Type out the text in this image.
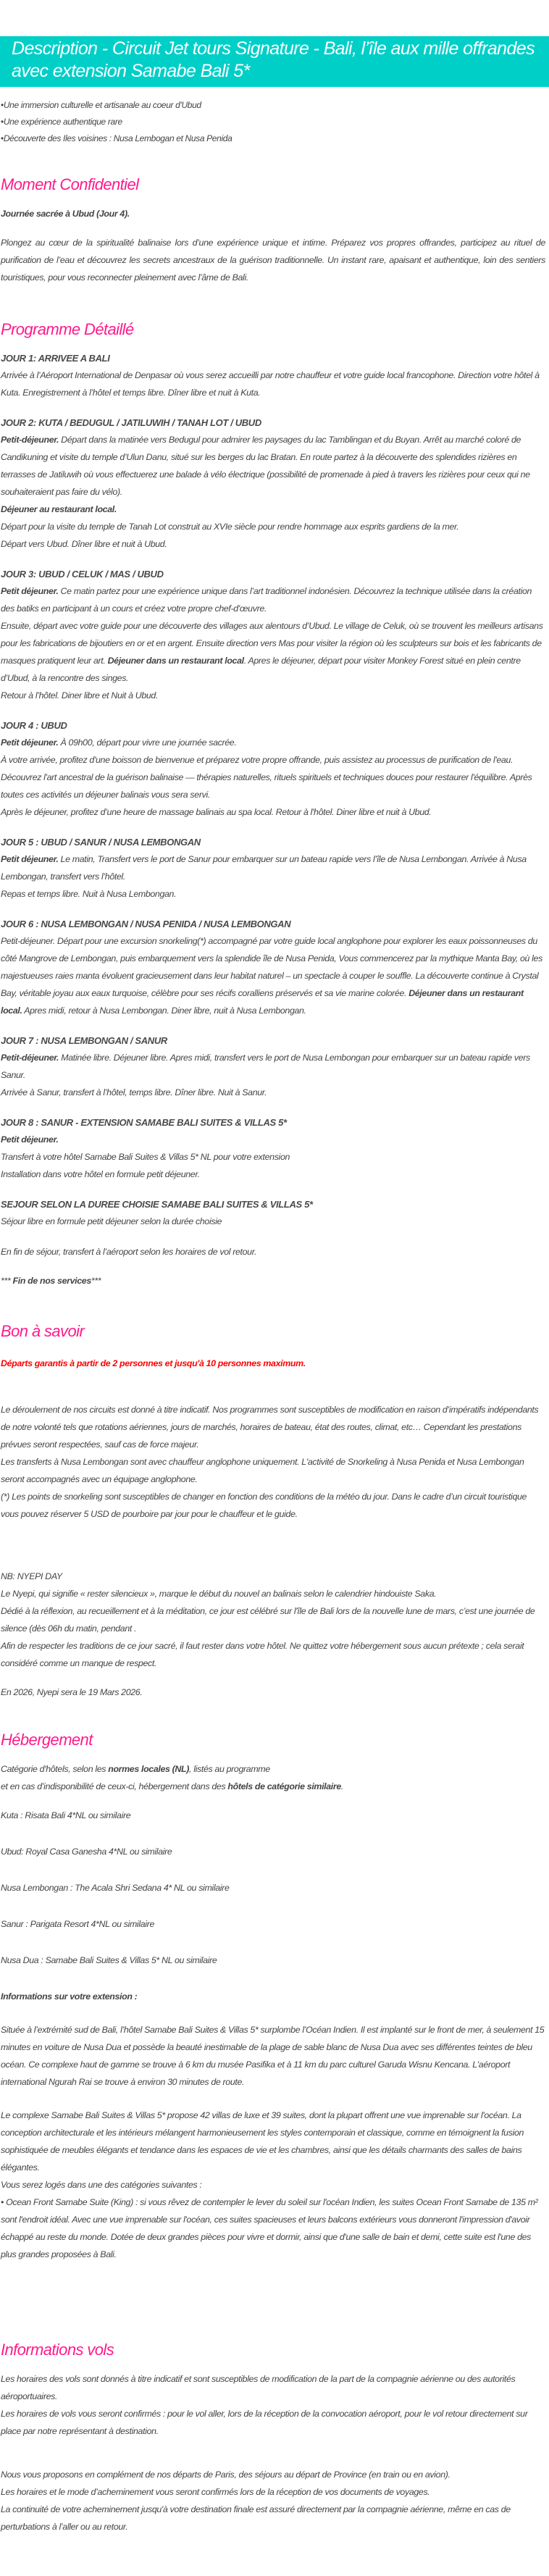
Description - Circuit Jet tours Signature - Bali, l’île aux mille offrandes avec extension Samabe Bali 5*
• Une immersion culturelle et artisanale au coeur d'Ubud
• Une expérience authentique rare
• Découverte des Iles voisines : Nusa Lembogan et Nusa Penida
Moment Confidentiel

Journée sacrée à Ubud (Jour 4).

Plongez au cœur de la spiritualité balinaise lors d’une expérience unique et intime. Préparez vos propres offrandes, participez au rituel de purification de l’eau et découvrez les secrets ancestraux de la guérison traditionnelle. Un instant rare, apaisant et authentique, loin des sentiers touristiques, pour vous reconnecter pleinement avec l’âme de Bali.

Programme Détaillé
JOUR 1: ARRIVEE A BALI
Arrivée à l’Aéroport International de Denpasar où vous serez accueilli par notre chauffeur et votre guide local francophone. Direction votre hôtel à Kuta. Enregistrement à l’hôtel et temps libre. Dîner libre et nuit à Kuta.
JOUR 2: KUTA / BEDUGUL / JATILUWIH / TANAH LOT / UBUD
Petit-déjeuner. Départ dans la matinée vers Bedugul pour admirer les paysages du lac Tamblingan et du Buyan. Arrêt au marché coloré de Candikuning et visite du temple d’Ulun Danu, situé sur les berges du lac Bratan. En route partez à la découverte des splendides rizières en terrasses de Jatiluwih où vous effectuerez une balade à vélo électrique (possibilité de promenade à pied à travers les rizières pour ceux qui ne souhaiteraient pas faire du vélo).
Déjeuner au restaurant local.
Départ pour la visite du temple de Tanah Lot construit au XVIe siècle pour rendre hommage aux esprits gardiens de la mer.
Départ vers Ubud. Dîner libre et nuit à Ubud.
JOUR 3: UBUD / CELUK / MAS / UBUD
Petit déjeuner. Ce matin partez pour une expérience unique dans l’art traditionnel indonésien. Découvrez la technique utilisée dans la création des batiks en participant à un cours et créez votre propre chef-d'œuvre.
Ensuite, départ avec votre guide pour une découverte des villages aux alentours d’Ubud. Le village de Celuk, où se trouvent les meilleurs artisans pour les fabrications de bijoutiers en or et en argent. Ensuite direction vers Mas pour visiter la région où les sculpteurs sur bois et les fabricants de masques pratiquent leur art. Déjeuner dans un restaurant local. Apres le déjeuner, départ pour visiter Monkey Forest situé en plein centre d’Ubud, à la rencontre des singes.
Retour à l’hôtel. Diner libre et Nuit à Ubud.
JOUR 4 : UBUD
Petit déjeuner. À 09h00, départ pour vivre une journée sacrée.
À votre arrivée, profitez d'une boisson de bienvenue et préparez votre propre offrande, puis assistez au processus de purification de l'eau. Découvrez l'art ancestral de la guérison balinaise — thérapies naturelles, rituels spirituels et techniques douces pour restaurer l'équilibre. Après toutes ces activités un déjeuner balinais vous sera servi.
Après le déjeuner, profitez d’une heure de massage balinais au spa local. Retour à l'hôtel. Diner libre et nuit à Ubud.
JOUR 5 : UBUD / SANUR / NUSA LEMBONGAN
Petit déjeuner. Le matin, Transfert vers le port de Sanur pour embarquer sur un bateau rapide vers l’île de Nusa Lembongan. Arrivée à Nusa Lembongan, transfert vers l’hôtel.
Repas et temps libre. Nuit à Nusa Lembongan.
JOUR 6 : NUSA LEMBONGAN / NUSA PENIDA / NUSA LEMBONGAN
Petit-déjeuner. Départ pour une excursion snorkeling(*) accompagné par votre guide local anglophone pour explorer les eaux poissonneuses du côté Mangrove de Lembongan, puis embarquement vers la splendide île de Nusa Penida, Vous commencerez par la mythique Manta Bay, où les majestueuses raies manta évoluent gracieusement dans leur habitat naturel – un spectacle à couper le souffle. La découverte continue à Crystal Bay, véritable joyau aux eaux turquoise, célèbre pour ses récifs coralliens préservés et sa vie marine colorée. Déjeuner dans un restaurant local. Apres midi, retour à Nusa Lembongan. Diner libre, nuit à Nusa Lembongan.
JOUR 7 : NUSA LEMBONGAN / SANUR
Petit-déjeuner. Matinée libre. Déjeuner libre. Apres midi, transfert vers le port de Nusa Lembongan pour embarquer sur un bateau rapide vers Sanur.
Arrivée à Sanur, transfert à l’hôtel, temps libre. Dîner libre. Nuit à Sanur.
JOUR 8 : SANUR - EXTENSION SAMABE BALI SUITES & VILLAS 5*
Petit déjeuner.
Transfert à votre hôtel Samabe Bali Suites & Villas 5* NL pour votre extension
Installation dans votre hôtel en formule petit déjeuner.
SEJOUR SELON LA DUREE CHOISIE SAMABE BALI SUITES & VILLAS 5*
Séjour libre en formule petit déjeuner selon la durée choisie

En fin de séjour, transfert à l’aéroport selon les horaires de vol retour.

*** Fin de nos services***

Bon à savoir

Départs garantis à partir de 2 personnes et jusqu'à 10 personnes maximum.

Le déroulement de nos circuits est donné à titre indicatif. Nos programmes sont susceptibles de modification en raison d’impératifs indépendants de notre volonté tels que rotations aériennes, jours de marchés, horaires de bateau, état des routes, climat, etc… Cependant les prestations prévues seront respectées, sauf cas de force majeur.
Les transferts à Nusa Lembongan sont avec chauffeur anglophone uniquement. L'activité de Snorkeling à Nusa Penida et Nusa Lembongan seront accompagnés avec un équipage anglophone.
(*) Les points de snorkeling sont susceptibles de changer en fonction des conditions de la météo du jour. Dans le cadre d’un circuit touristique vous pouvez réserver 5 USD de pourboire par jour pour le chauffeur et le guide.

NB: NYEPI DAY
Le Nyepi, qui signifie « rester silencieux », marque le début du nouvel an balinais selon le calendrier hindouiste Saka.
Dédié à la réflexion, au recueillement et à la méditation, ce jour est célébré sur l'île de Bali lors de la nouvelle lune de mars, c’est une journée de silence (dès 06h du matin, pendant .
Afin de respecter les traditions de ce jour sacré, il faut rester dans votre hôtel. Ne quittez votre hébergement sous aucun prétexte ; cela serait considéré comme un manque de respect.

En 2026, Nyepi sera le 19 Mars 2026.

Hébergement

Catégorie d'hôtels, selon les normes locales (NL), listés au programme
et en cas d’indisponibilité de ceux-ci, hébergement dans des hôtels de catégorie similaire.

Kuta : Risata Bali 4*NL ou similaire

Ubud: Royal Casa Ganesha 4*NL ou similaire

Nusa Lembongan : The Acala Shri Sedana 4* NL ou similaire

Sanur : Parigata Resort 4*NL ou similaire

Nusa Dua : Samabe Bali Suites & Villas 5* NL ou similaire

Informations sur votre extension :

Située à l’extrémité sud de Bali, l’hôtel Samabe Bali Suites & Villas 5* surplombe l’Océan Indien. Il est implanté sur le front de mer, à seulement 15 minutes en voiture de Nusa Dua et possède la beauté inestimable de la plage de sable blanc de Nusa Dua avec ses différentes teintes de bleu océan. Ce complexe haut de gamme se trouve à 6 km du musée Pasifika et à 11 km du parc culturel Garuda Wisnu Kencana. L'aéroport international Ngurah Rai se trouve à environ 30 minutes de route.

Le complexe Samabe Bali Suites & Villas 5* propose 42 villas de luxe et 39 suites, dont la plupart offrent une vue imprenable sur l'océan. La conception architecturale et les intérieurs mélangent harmonieusement les styles contemporain et classique, comme en témoignent la fusion sophistiquée de meubles élégants et tendance dans les espaces de vie et les chambres, ainsi que les détails charmants des salles de bains élégantes.
Vous serez logés dans une des catégories suivantes :
• Ocean Front Samabe Suite (King) : si vous rêvez de contempler le lever du soleil sur l'océan Indien, les suites Ocean Front Samabe de 135 m² sont l'endroit idéal. Avec une vue imprenable sur l'océan, ces suites spacieuses et leurs balcons extérieurs vous donneront l'impression d'avoir échappé au reste du monde. Dotée de deux grandes pièces pour vivre et dormir, ainsi que d'une salle de bain et demi, cette suite est l'une des plus grandes proposées à Bali.

Informations vols

Les horaires des vols sont donnés à titre indicatif et sont susceptibles de modification de la part de la compagnie aérienne ou des autorités aéroportuaires.
Les horaires de vols vous seront confirmés : pour le vol aller, lors de la réception de la convocation aéroport, pour le vol retour directement sur place par notre représentant à destination.

Nous vous proposons en complément de nos départs de Paris, des séjours au départ de Province (en train ou en avion).
Les horaires et le mode d’acheminement vous seront confirmés lors de la réception de vos documents de voyages.
La continuité de votre acheminement jusqu'à votre destination finale est assuré directement par la compagnie aérienne, même en cas de perturbations à l’aller ou au retour.
